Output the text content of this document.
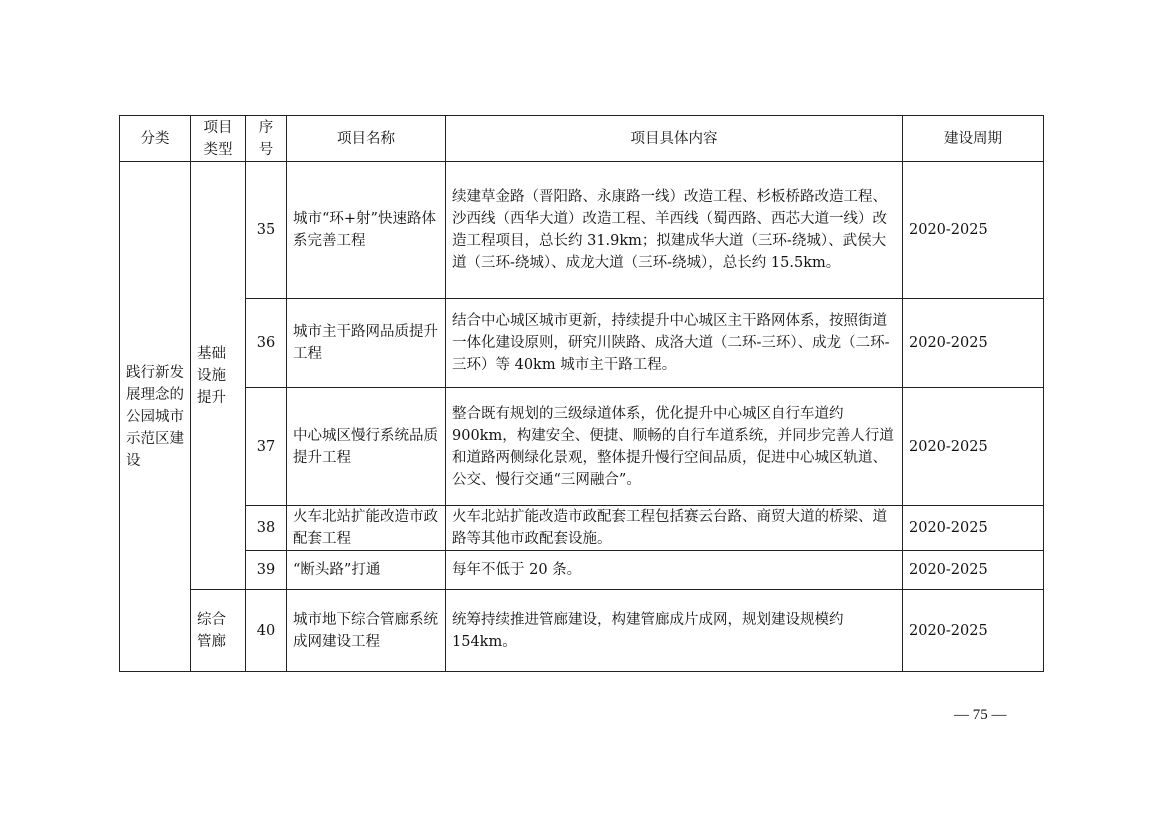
分类	项目类型	序号	项目名称	项目具体内容	建设周期
践行新发展理念的公园城市示范区建设	基础设施提升	35	城市“环+射”快速路体系完善工程	续建草金路（晋阳路、永康路一线）改造工程、杉板桥路改造工程、沙西线（西华大道）改造工程、羊西线（蜀西路、西芯大道一线）改造工程项目，总长约 31.9km；拟建成华大道（三环-绕城）、武侯大道（三环-绕城）、成龙大道（三环-绕城），总长约 15.5km。	2020-2025
		36	城市主干路网品质提升工程	结合中心城区城市更新，持续提升中心城区主干路网体系，按照街道一体化建设原则，研究川陕路、成洛大道（二环-三环）、成龙（二环-三环）等 40km 城市主干路工程。	2020-2025
		37	中心城区慢行系统品质提升工程	整合既有规划的三级绿道体系，优化提升中心城区自行车道约 900km，构建安全、便捷、顺畅的自行车道系统，并同步完善人行道和道路两侧绿化景观，整体提升慢行空间品质，促进中心城区轨道、公交、慢行交通“三网融合”。	2020-2025
		38	火车北站扩能改造市政配套工程	火车北站扩能改造市政配套工程包括赛云台路、商贸大道的桥梁、道路等其他市政配套设施。	2020-2025
		39	“断头路”打通	每年不低于 20 条。	2020-2025
	综合管廊	40	城市地下综合管廊系统成网建设工程	统筹持续推进管廊建设，构建管廊成片成网，规划建设规模约 154km。	2020-2025
— 75 —
